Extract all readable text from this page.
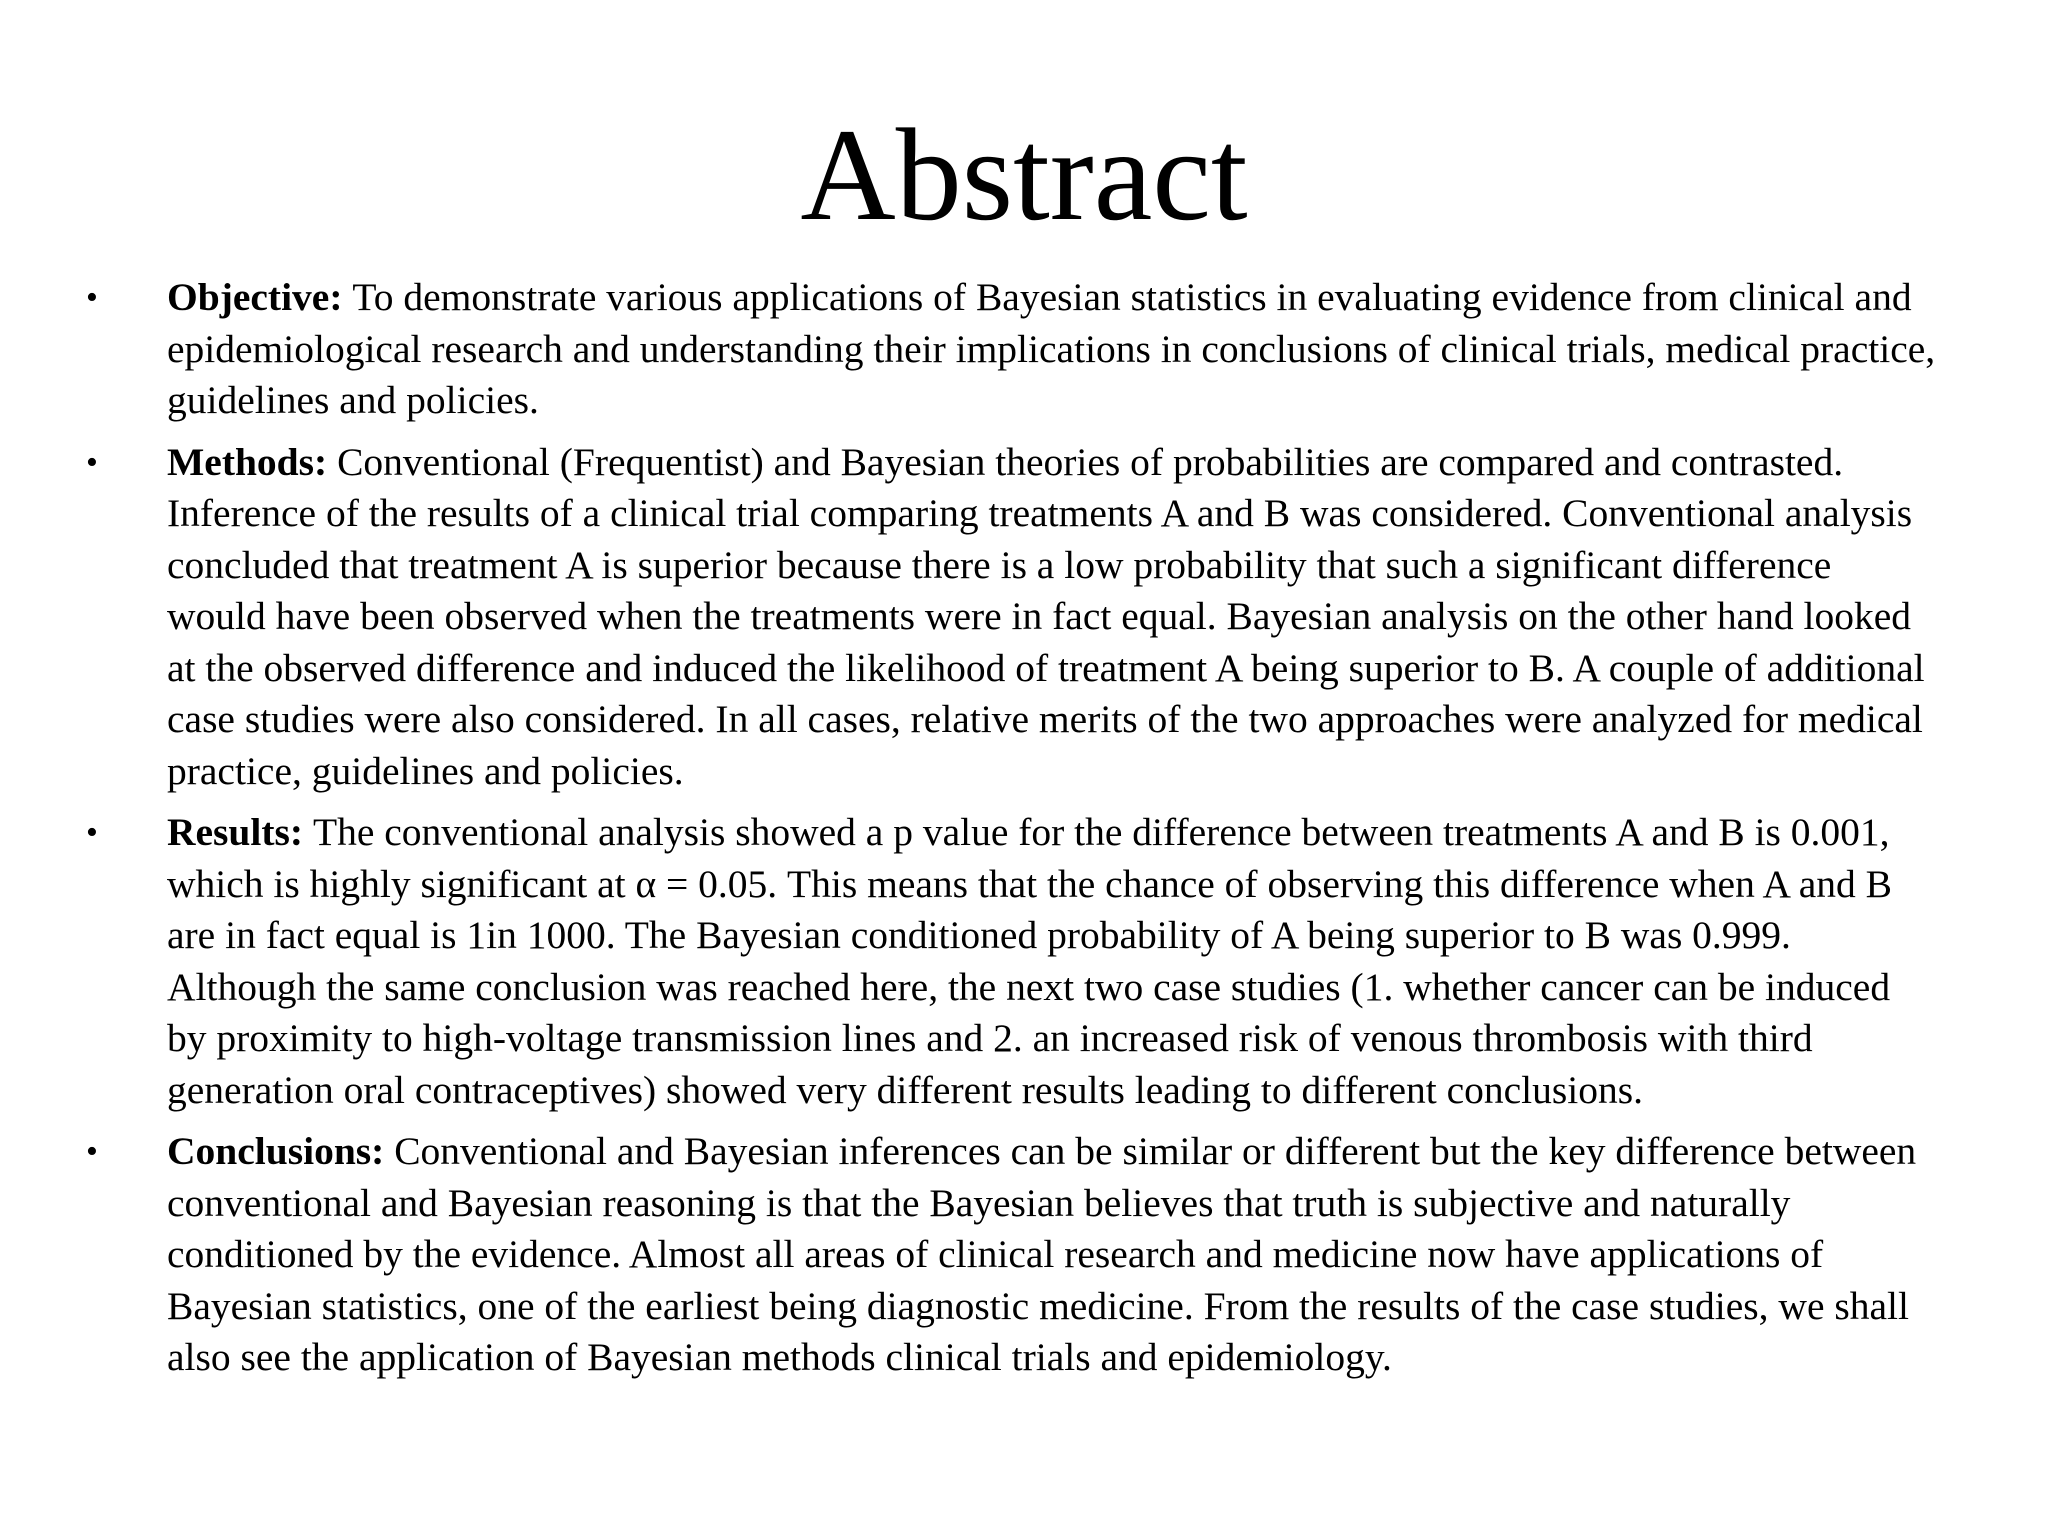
Abstract
• Objective: To demonstrate various applications of Bayesian statistics in evaluating evidence from clinical and epidemiological research and understanding their implications in conclusions of clinical trials, medical practice, guidelines and policies.
• Methods: Conventional (Frequentist) and Bayesian theories of probabilities are compared and contrasted. Inference of the results of a clinical trial comparing treatments A and B was considered. Conventional analysis concluded that treatment A is superior because there is a low probability that such a significant difference would have been observed when the treatments were in fact equal. Bayesian analysis on the other hand looked at the observed difference and induced the likelihood of treatment A being superior to B. A couple of additional case studies were also considered. In all cases, relative merits of the two approaches were analyzed for medical practice, guidelines and policies.
• Results: The conventional analysis showed a p value for the difference between treatments A and B is 0.001, which is highly significant at α = 0.05. This means that the chance of observing this difference when A and B are in fact equal is 1in 1000. The Bayesian conditioned probability of A being superior to B was 0.999. Although the same conclusion was reached here, the next two case studies (1. whether cancer can be induced by proximity to high-voltage transmission lines and 2. an increased risk of venous thrombosis with third generation oral contraceptives) showed very different results leading to different conclusions.
• Conclusions: Conventional and Bayesian inferences can be similar or different but the key difference between conventional and Bayesian reasoning is that the Bayesian believes that truth is subjective and naturally conditioned by the evidence. Almost all areas of clinical research and medicine now have applications of Bayesian statistics, one of the earliest being diagnostic medicine. From the results of the case studies, we shall also see the application of Bayesian methods clinical trials and epidemiology.
